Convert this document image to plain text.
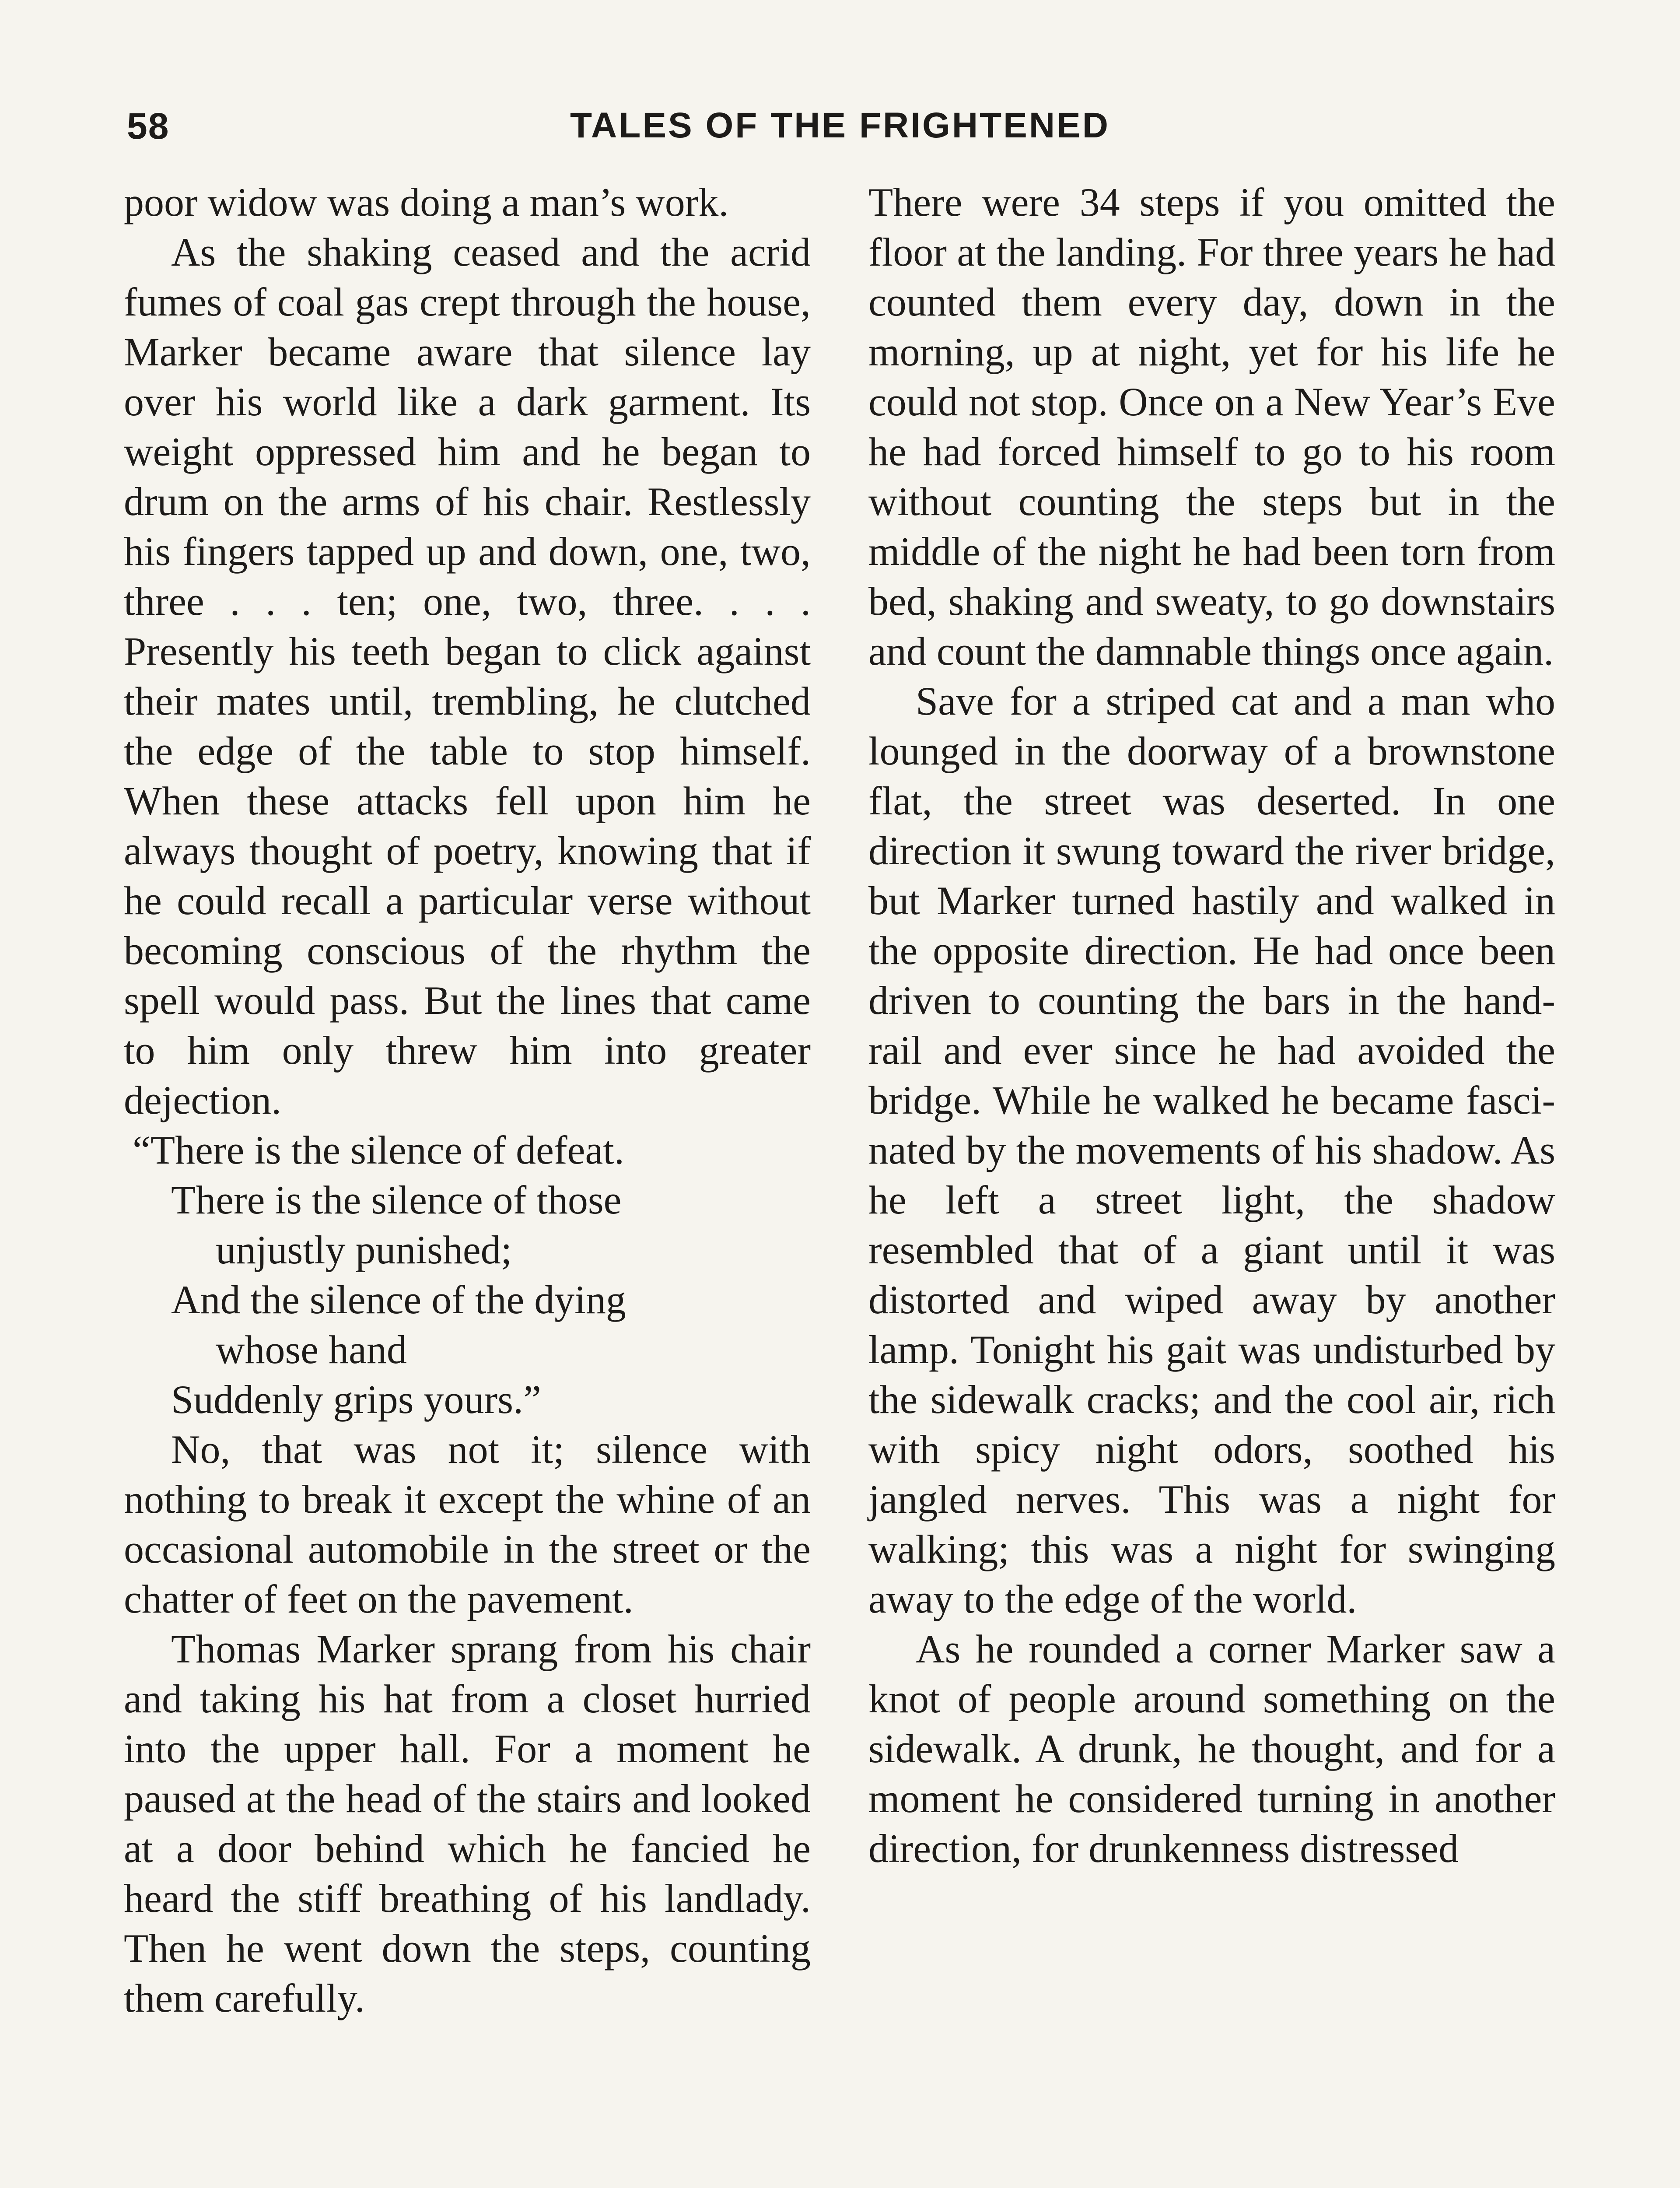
58	TALES OF THE FRIGHTENED

poor widow was doing a man’s work.

As the shaking ceased and the acrid fumes of coal gas crept through the house, Marker became aware that silence lay over his world like a dark garment. Its weight oppressed him and he began to drum on the arms of his chair. Restlessly his fingers tapped up and down, one, two, three . . . ten; one, two, three. . . . Presently his teeth began to click against their mates until, trembling, he clutched the edge of the table to stop himself. When these attacks fell upon him he always thought of poetry, knowing that if he could recall a particular verse without becoming conscious of the rhythm the spell would pass. But the lines that came to him only threw him into greater dejection.

“There is the silence of defeat.
There is the silence of those
unjustly punished;
And the silence of the dying
whose hand
Suddenly grips yours.”

No, that was not it; silence with nothing to break it except the whine of an occasional automobile in the street or the chatter of feet on the pavement.

Thomas Marker sprang from his chair and taking his hat from a closet hurried into the upper hall. For a moment he paused at the head of the stairs and looked at a door behind which he fancied he heard the stiff breathing of his landlady. Then he went down the steps, counting them carefully.

There were 34 steps if you omitted the floor at the landing. For three years he had counted them every day, down in the morning, up at night, yet for his life he could not stop. Once on a New Year’s Eve he had forced himself to go to his room without counting the steps but in the middle of the night he had been torn from bed, shaking and sweaty, to go downstairs and count the damnable things once again.

Save for a striped cat and a man who lounged in the doorway of a brownstone flat, the street was deserted. In one direction it swung toward the river bridge, but Marker turned hastily and walked in the opposite direction. He had once been driven to counting the bars in the hand-rail and ever since he had avoided the bridge. While he walked he became fascinated by the movements of his shadow. As he left a street light, the shadow resembled that of a giant until it was distorted and wiped away by another lamp. Tonight his gait was undisturbed by the sidewalk cracks; and the cool air, rich with spicy night odors, soothed his jangled nerves. This was a night for walking; this was a night for swinging away to the edge of the world.

As he rounded a corner Marker saw a knot of people around something on the sidewalk. A drunk, he thought, and for a moment he considered turning in another direction, for drunkenness distressed
